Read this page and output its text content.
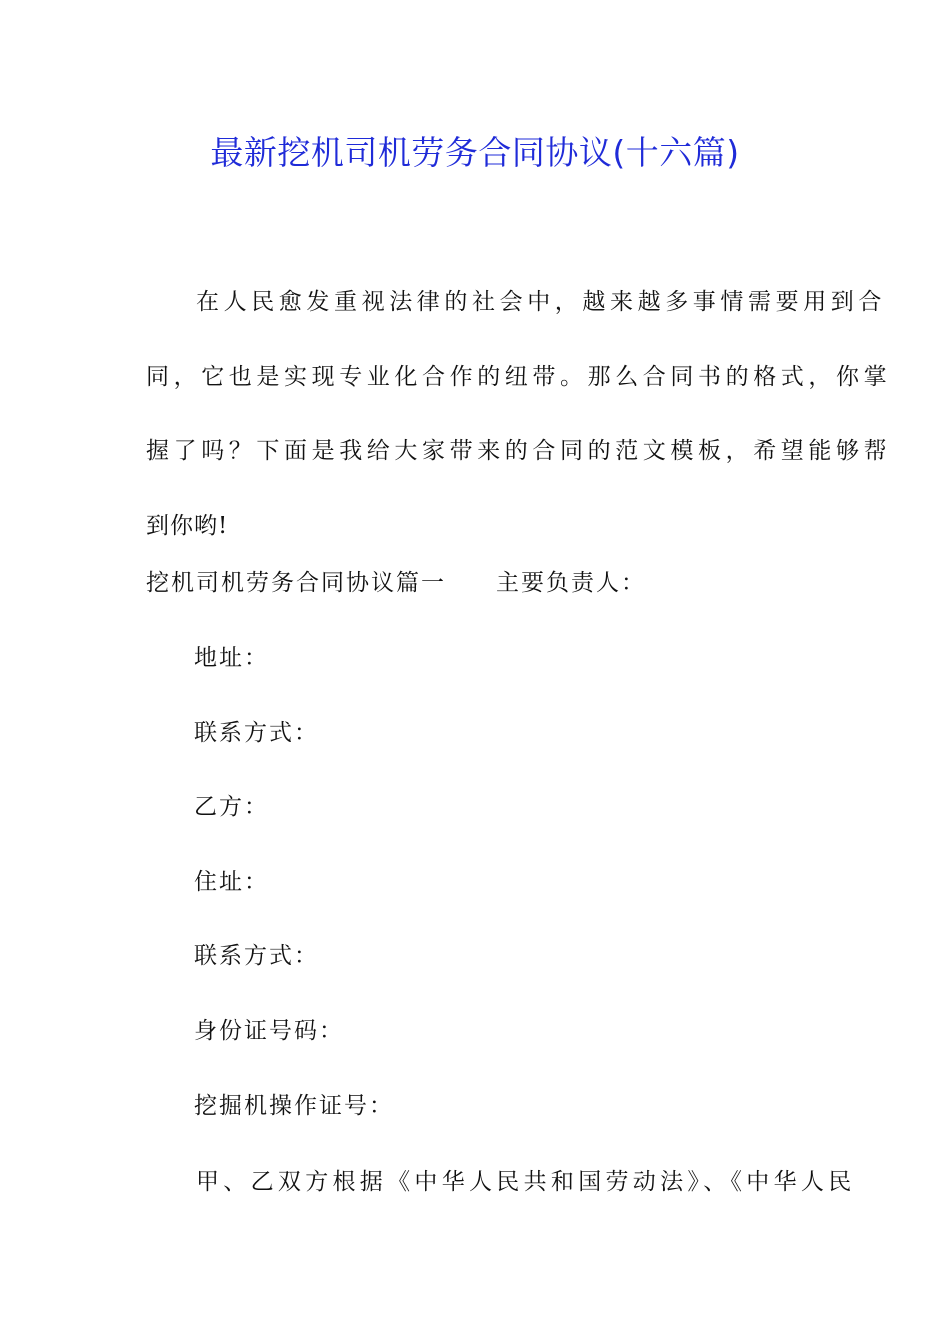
最新挖机司机劳务合同协议(十六篇)
在人民愈发重视法律的社会中，越来越多事情需要用到合
同，它也是实现专业化合作的纽带。那么合同书的格式，你掌
握了吗？下面是我给大家带来的合同的范文模板，希望能够帮
到你哟!
挖机司机劳务合同协议篇一 主要负责人：
地址：
联系方式：
乙方：
住址：
联系方式：
身份证号码：
挖掘机操作证号：
甲、乙双方根据《中华人民共和国劳动法》、《中华人民
